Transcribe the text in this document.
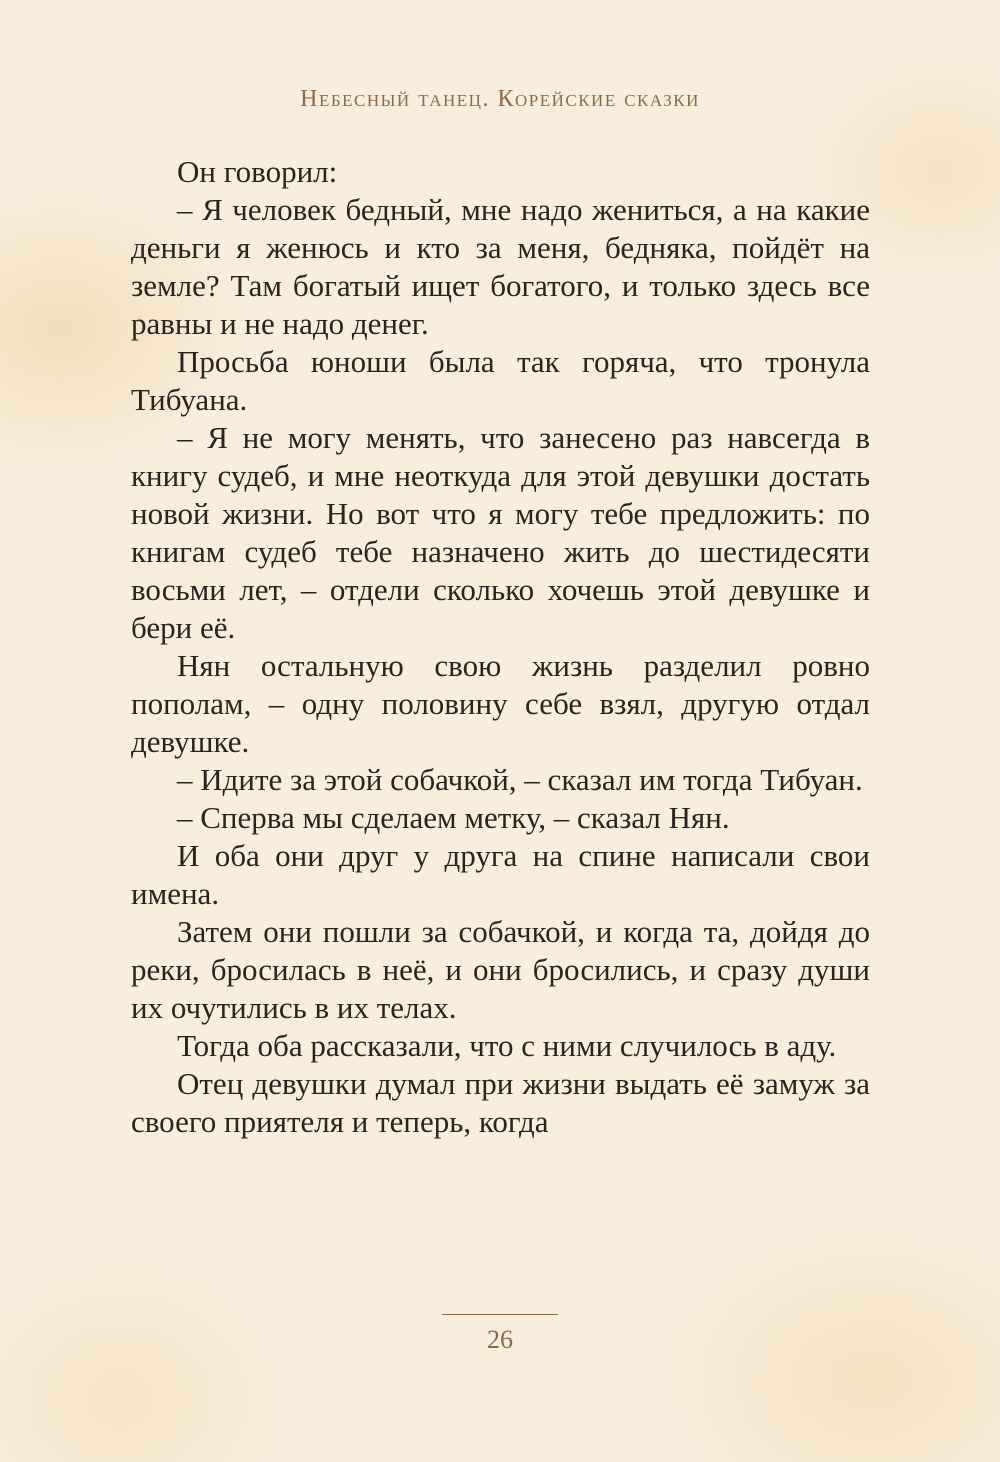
Небесный танец. Корейские сказки

Он говорил:

– Я человек бедный, мне надо жениться, а на какие деньги я женюсь и кто за меня, бедняка, пойдёт на земле? Там богатый ищет богатого, и только здесь все равны и не надо денег.

Просьба юноши была так горяча, что тронула Тибуана.

– Я не могу менять, что занесено раз навсегда в книгу судеб, и мне неоткуда для этой девушки достать новой жизни. Но вот что я могу тебе предложить: по книгам судеб тебе назначено жить до шестидесяти восьми лет, – отдели сколько хочешь этой девушке и бери её.

Нян остальную свою жизнь разделил ровно пополам, – одну половину себе взял, другую отдал девушке.

– Идите за этой собачкой, – сказал им тогда Тибуан.

– Сперва мы сделаем метку, – сказал Нян.

И оба они друг у друга на спине написали свои имена.

Затем они пошли за собачкой, и когда та, дойдя до реки, бросилась в неё, и они бросились, и сразу души их очутились в их телах.

Тогда оба рассказали, что с ними случилось в аду.

Отец девушки думал при жизни выдать её замуж за своего приятеля и теперь, когда

26
